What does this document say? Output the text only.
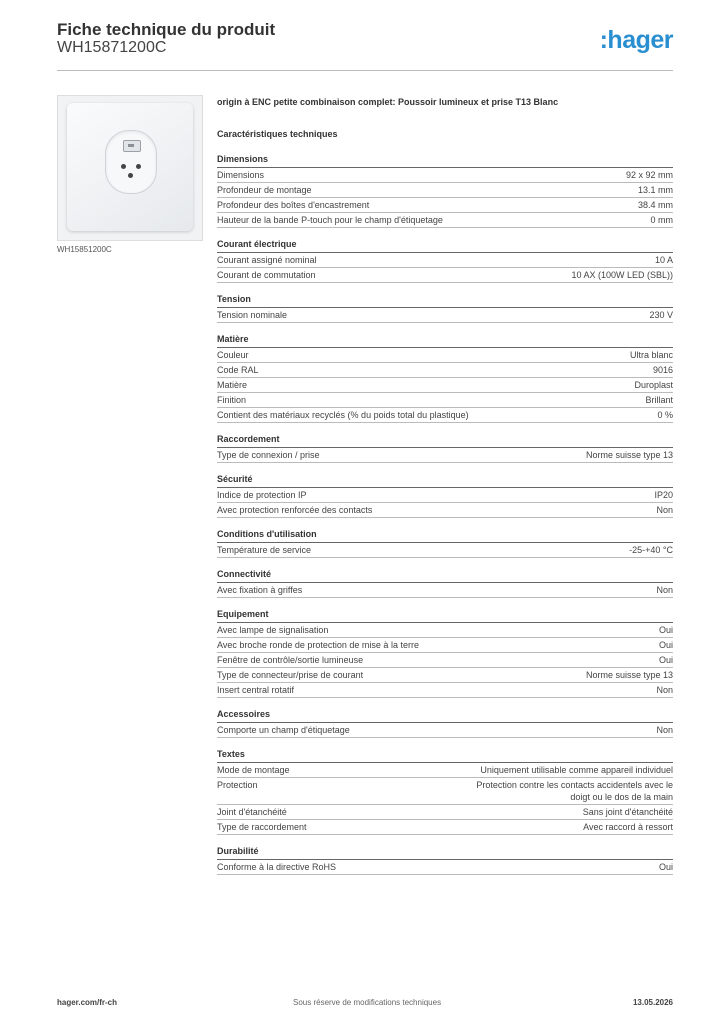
Fiche technique du produit
WH15871200C	:hager
WH15851200C
origin à ENC petite combinaison complet: Poussoir lumineux et prise T13 Blanc
Caractéristiques techniques
Dimensions
Dimensions	92 x 92 mm
Profondeur de montage	13.1 mm
Profondeur des boîtes d'encastrement	38.4 mm
Hauteur de la bande P-touch pour le champ d'étiquetage	0 mm
Courant électrique
Courant assigné nominal	10 A
Courant de commutation	10 AX (100W LED (SBL))
Tension
Tension nominale	230 V
Matière
Couleur	Ultra blanc
Code RAL	9016
Matière	Duroplast
Finition	Brillant
Contient des matériaux recyclés (% du poids total du plastique)	0 %
Raccordement
Type de connexion / prise	Norme suisse type 13
Sécurité
Indice de protection IP	IP20
Avec protection renforcée des contacts	Non
Conditions d'utilisation
Température de service	-25-+40 °C
Connectivité
Avec fixation à griffes	Non
Equipement
Avec lampe de signalisation	Oui
Avec broche ronde de protection de mise à la terre	Oui
Fenêtre de contrôle/sortie lumineuse	Oui
Type de connecteur/prise de courant	Norme suisse type 13
Insert central rotatif	Non
Accessoires
Comporte un champ d'étiquetage	Non
Textes
Mode de montage	Uniquement utilisable comme appareil individuel
Protection	Protection contre les contacts accidentels avec le doigt ou le dos de la main
Joint d'étanchéité	Sans joint d'étanchéité
Type de raccordement	Avec raccord à ressort
Durabilité
Conforme à la directive RoHS	Oui
hager.com/fr-ch	Sous réserve de modifications techniques	13.05.2026
